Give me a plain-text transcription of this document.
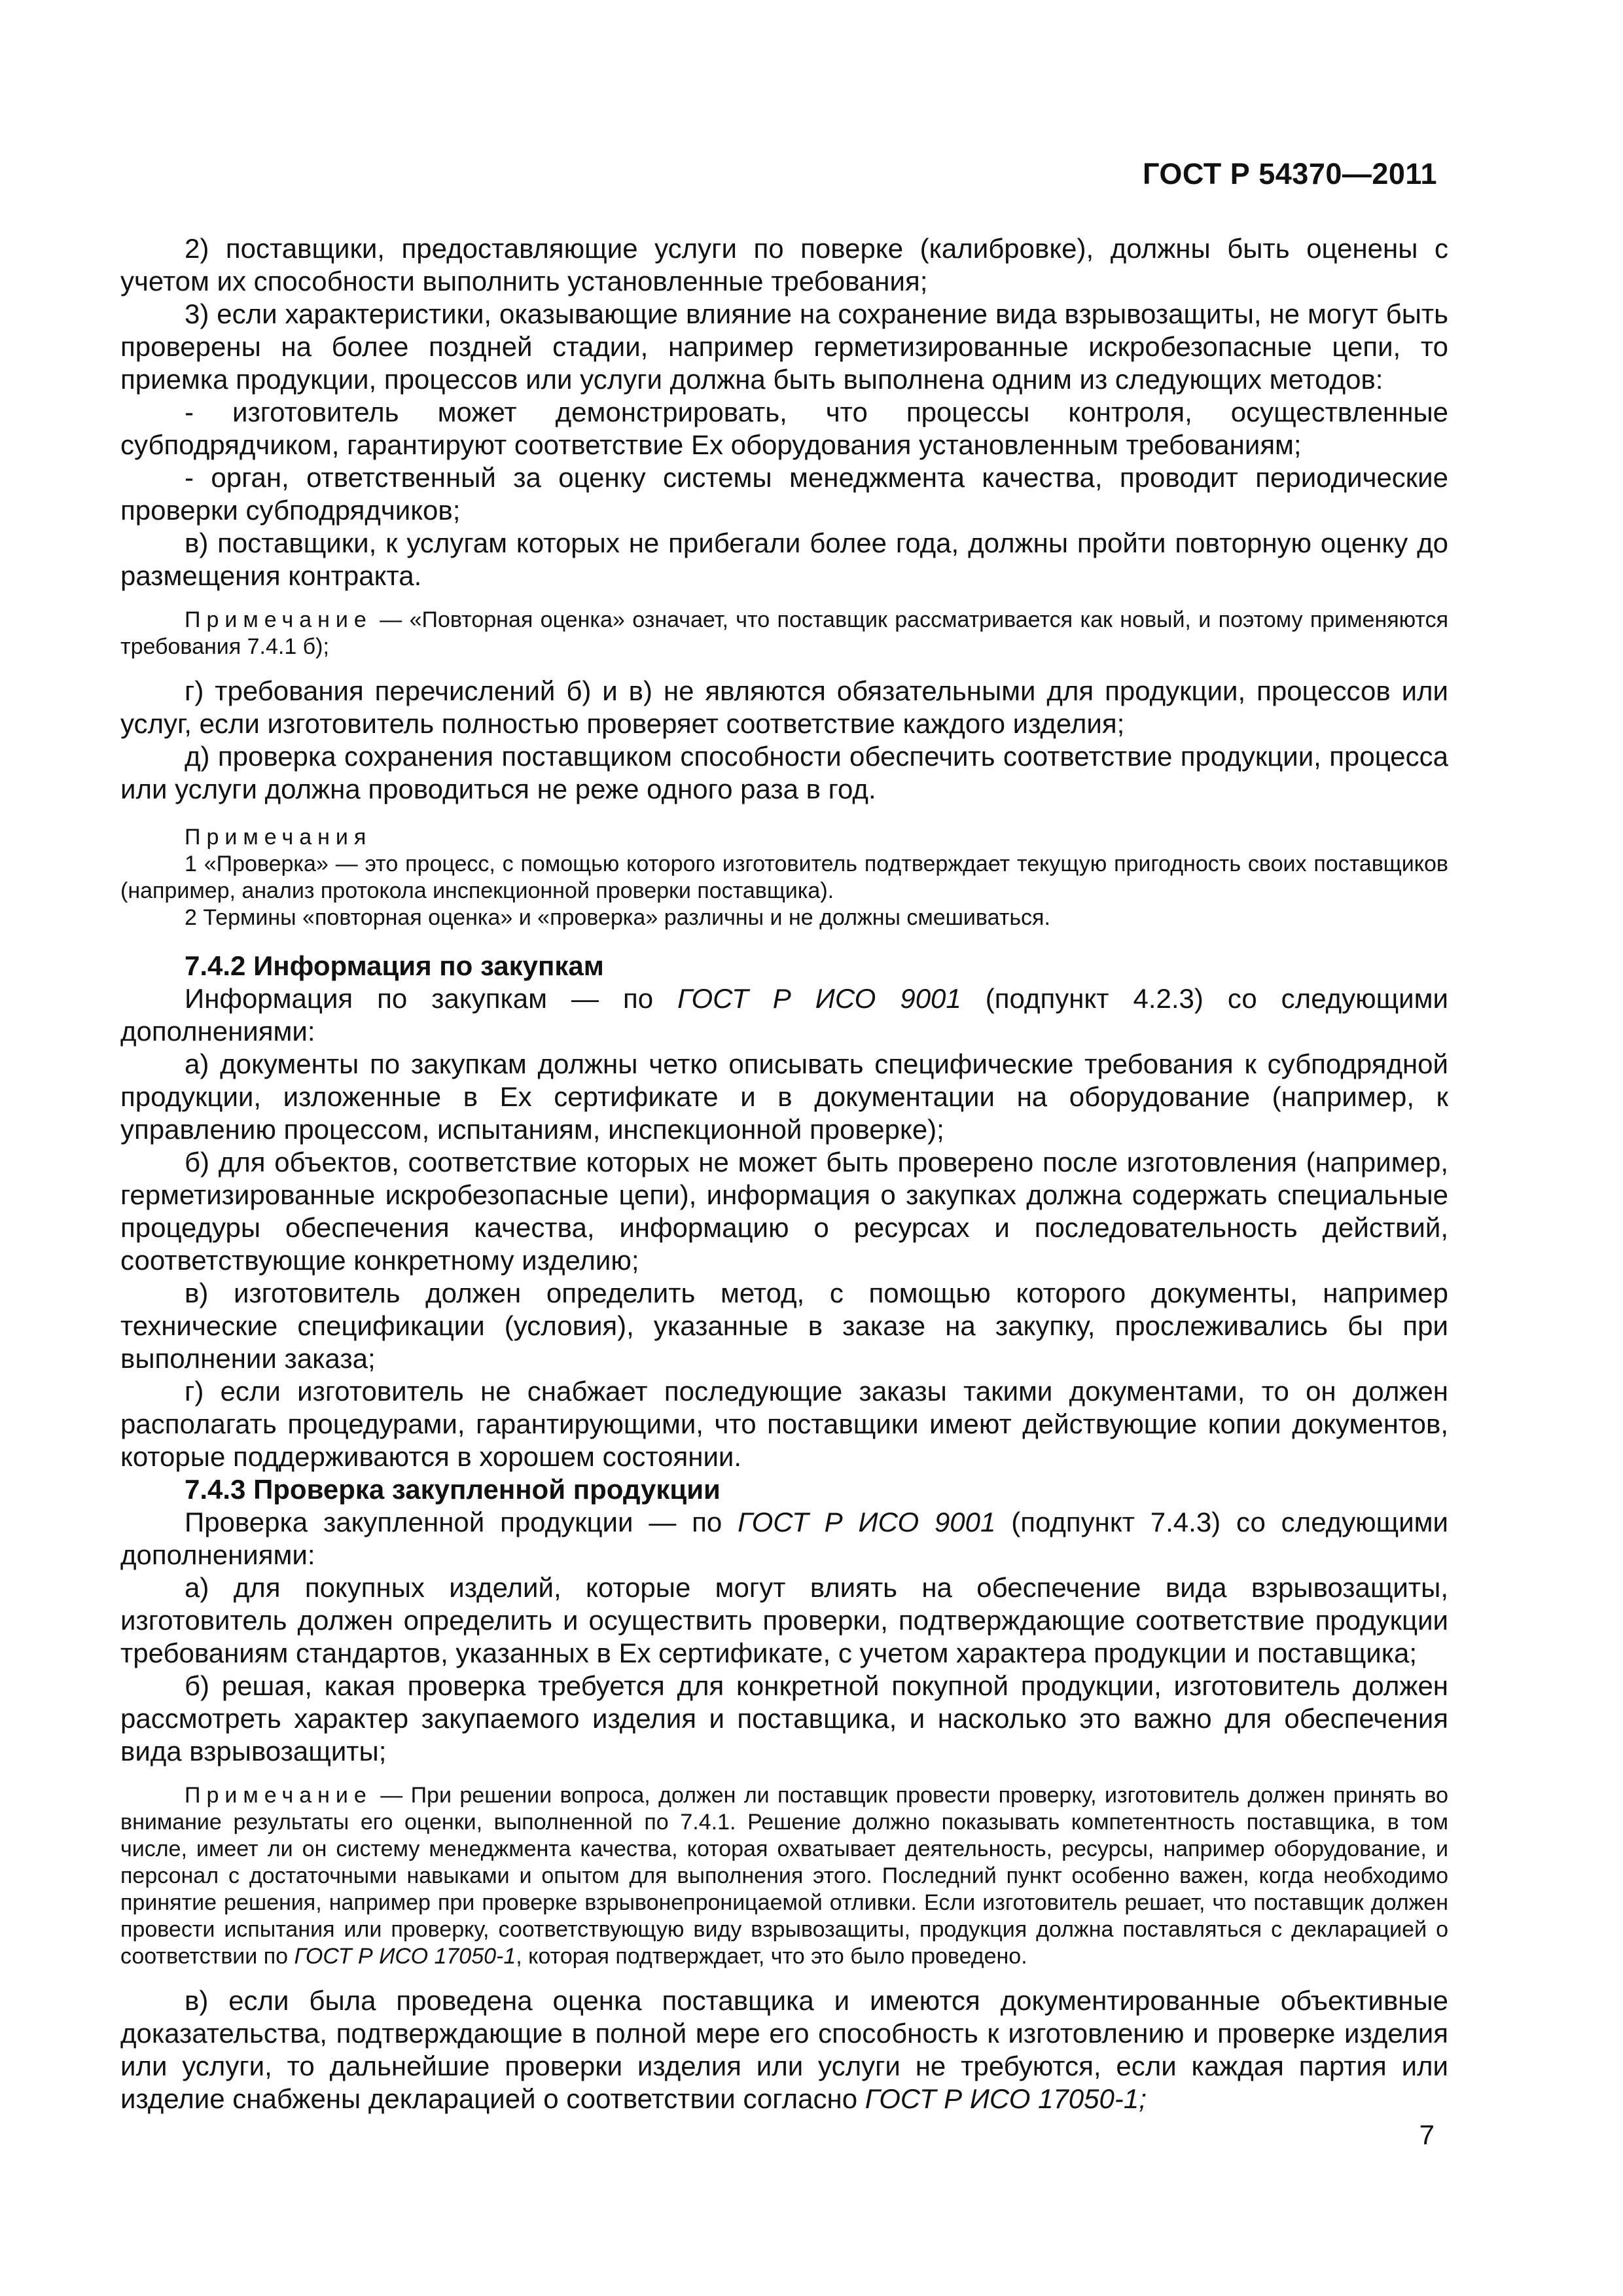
ГОСТ Р 54370—2011

2) поставщики, предоставляющие услуги по поверке (калибровке), должны быть оценены с учетом их способности выполнить установленные требования;

3) если характеристики, оказывающие влияние на сохранение вида взрывозащиты, не могут быть проверены на более поздней стадии, например герметизированные искробезопасные цепи, то приемка продукции, процессов или услуги должна быть выполнена одним из следующих методов:

- изготовитель может демонстрировать, что процессы контроля, осуществленные субподрядчиком, гарантируют соответствие Ex оборудования установленным требованиям;

- орган, ответственный за оценку системы менеджмента качества, проводит периодические проверки субподрядчиков;

в) поставщики, к услугам которых не прибегали более года, должны пройти повторную оценку до размещения контракта.

Примечание — «Повторная оценка» означает, что поставщик рассматривается как новый, и поэтому применяются требования 7.4.1 б);

г) требования перечислений б) и в) не являются обязательными для продукции, процессов или услуг, если изготовитель полностью проверяет соответствие каждого изделия;

д) проверка сохранения поставщиком способности обеспечить соответствие продукции, процесса или услуги должна проводиться не реже одного раза в год.

Примечания

1 «Проверка» — это процесс, с помощью которого изготовитель подтверждает текущую пригодность своих поставщиков (например, анализ протокола инспекционной проверки поставщика).

2 Термины «повторная оценка» и «проверка» различны и не должны смешиваться.

7.4.2 Информация по закупкам

Информация по закупкам — по ГОСТ Р ИСО 9001 (подпункт 4.2.3) со следующими дополнениями:

а) документы по закупкам должны четко описывать специфические требования к субподрядной продукции, изложенные в Ex сертификате и в документации на оборудование (например, к управлению процессом, испытаниям, инспекционной проверке);

б) для объектов, соответствие которых не может быть проверено после изготовления (например, герметизированные искробезопасные цепи), информация о закупках должна содержать специальные процедуры обеспечения качества, информацию о ресурсах и последовательность действий, соответствующие конкретному изделию;

в) изготовитель должен определить метод, с помощью которого документы, например технические спецификации (условия), указанные в заказе на закупку, прослеживались бы при выполнении заказа;

г) если изготовитель не снабжает последующие заказы такими документами, то он должен располагать процедурами, гарантирующими, что поставщики имеют действующие копии документов, которые поддерживаются в хорошем состоянии.

7.4.3 Проверка закупленной продукции

Проверка закупленной продукции — по ГОСТ Р ИСО 9001 (подпункт 7.4.3) со следующими дополнениями:

а) для покупных изделий, которые могут влиять на обеспечение вида взрывозащиты, изготовитель должен определить и осуществить проверки, подтверждающие соответствие продукции требованиям стандартов, указанных в Ex сертификате, с учетом характера продукции и поставщика;

б) решая, какая проверка требуется для конкретной покупной продукции, изготовитель должен рассмотреть характер закупаемого изделия и поставщика, и насколько это важно для обеспечения вида взрывозащиты;

Примечание — При решении вопроса, должен ли поставщик провести проверку, изготовитель должен принять во внимание результаты его оценки, выполненной по 7.4.1. Решение должно показывать компетентность поставщика, в том числе, имеет ли он систему менеджмента качества, которая охватывает деятельность, ресурсы, например оборудование, и персонал с достаточными навыками и опытом для выполнения этого. Последний пункт особенно важен, когда необходимо принятие решения, например при проверке взрывонепроницаемой отливки. Если изготовитель решает, что поставщик должен провести испытания или проверку, соответствующую виду взрывозащиты, продукция должна поставляться с декларацией о соответствии по ГОСТ Р ИСО 17050-1, которая подтверждает, что это было проведено.

в) если была проведена оценка поставщика и имеются документированные объективные доказательства, подтверждающие в полной мере его способность к изготовлению и проверке изделия или услуги, то дальнейшие проверки изделия или услуги не требуются, если каждая партия или изделие снабжены декларацией о соответствии согласно ГОСТ Р ИСО 17050-1;

7
